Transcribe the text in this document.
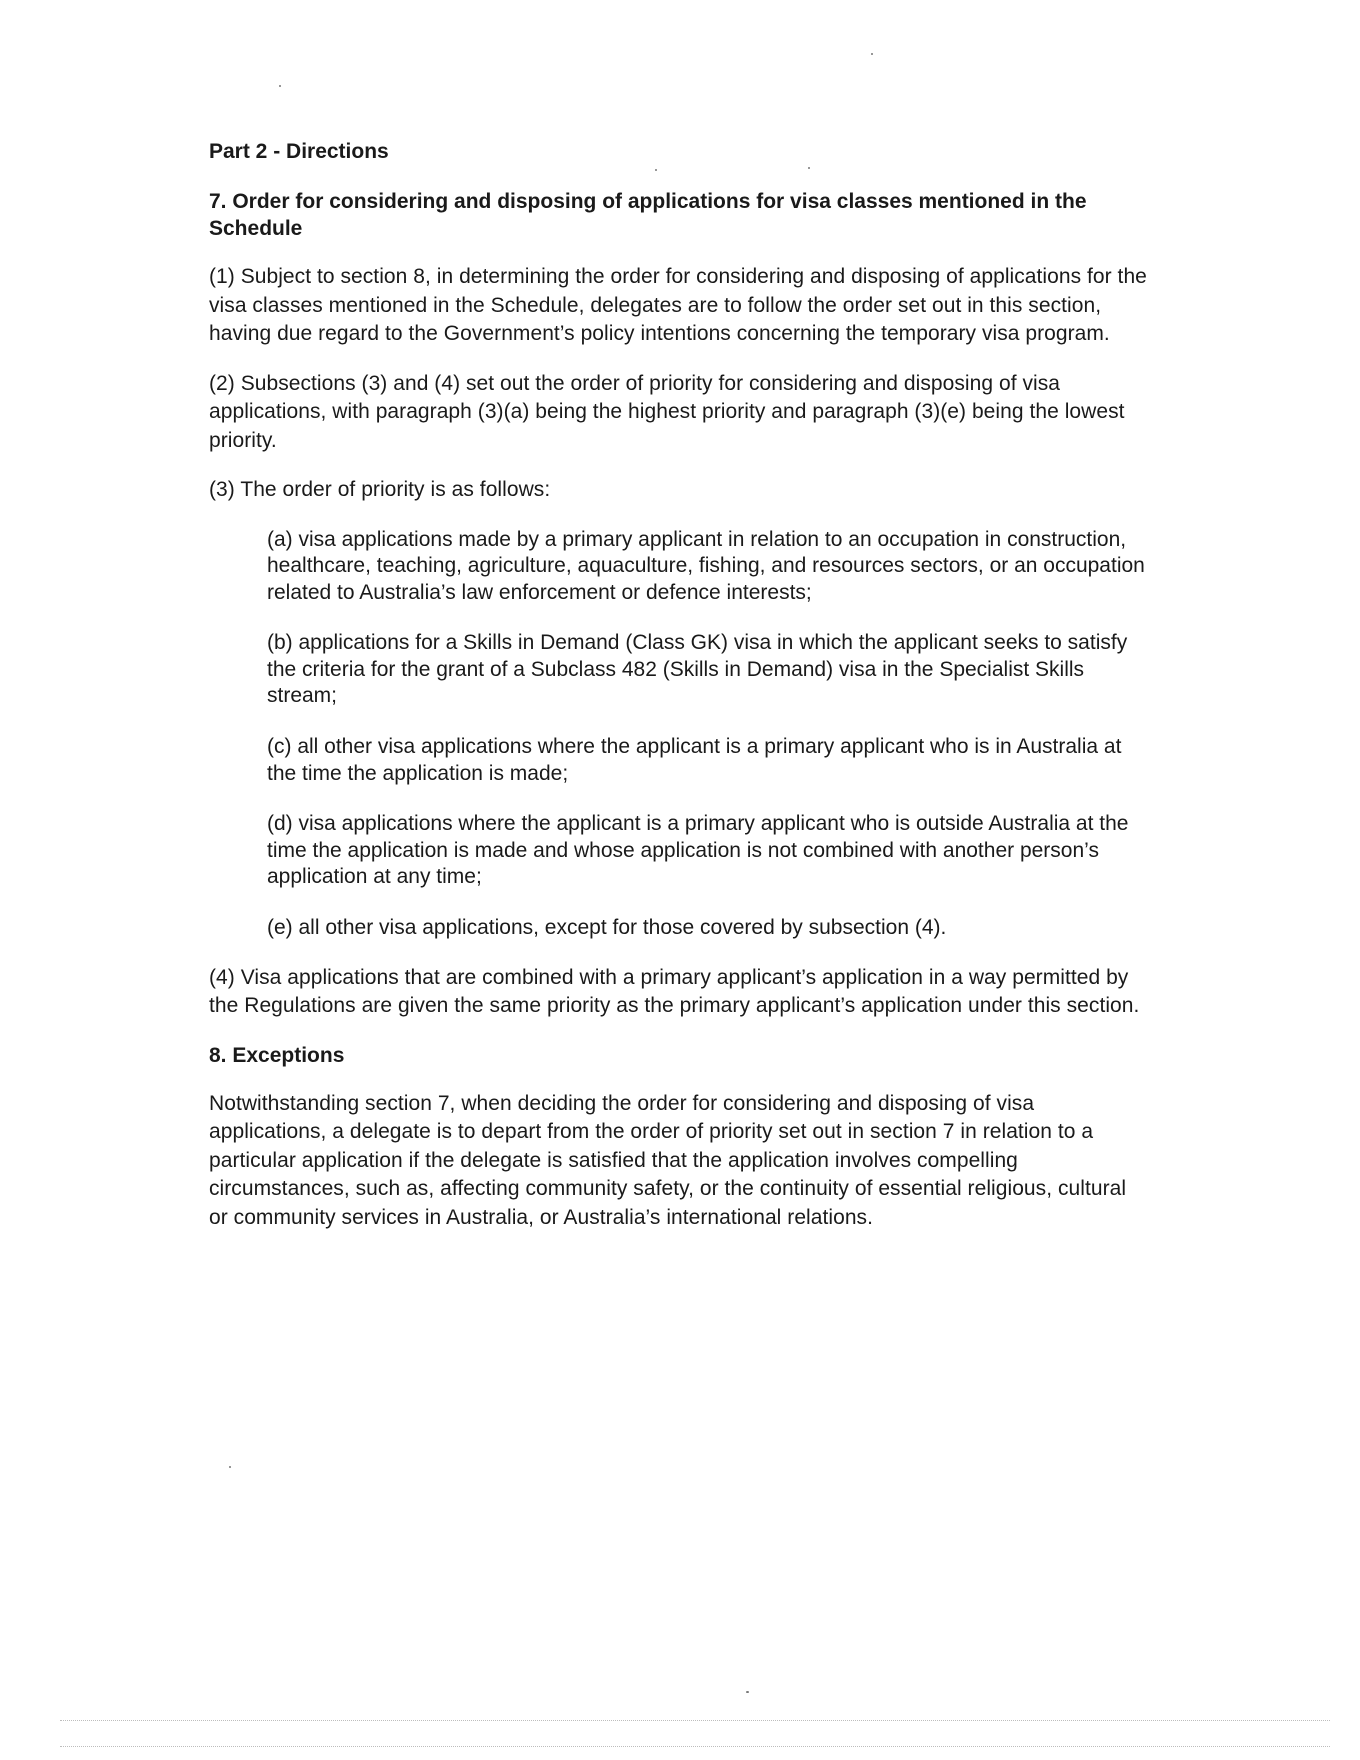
Part 2 - Directions
7. Order for considering and disposing of applications for visa classes mentioned in the Schedule

(1) Subject to section 8, in determining the order for considering and disposing of applications for the visa classes mentioned in the Schedule, delegates are to follow the order set out in this section, having due regard to the Government’s policy intentions concerning the temporary visa program.

(2) Subsections (3) and (4) set out the order of priority for considering and disposing of visa applications, with paragraph (3)(a) being the highest priority and paragraph (3)(e) being the lowest priority.

(3) The order of priority is as follows:

(a) visa applications made by a primary applicant in relation to an occupation in construction, healthcare, teaching, agriculture, aquaculture, fishing, and resources sectors, or an occupation related to Australia’s law enforcement or defence interests;

(b) applications for a Skills in Demand (Class GK) visa in which the applicant seeks to satisfy the criteria for the grant of a Subclass 482 (Skills in Demand) visa in the Specialist Skills stream;

(c) all other visa applications where the applicant is a primary applicant who is in Australia at the time the application is made;

(d) visa applications where the applicant is a primary applicant who is outside Australia at the time the application is made and whose application is not combined with another person’s application at any time;

(e) all other visa applications, except for those covered by subsection (4).

(4) Visa applications that are combined with a primary applicant’s application in a way permitted by the Regulations are given the same priority as the primary applicant’s application under this section.

8. Exceptions

Notwithstanding section 7, when deciding the order for considering and disposing of visa applications, a delegate is to depart from the order of priority set out in section 7 in relation to a particular application if the delegate is satisfied that the application involves compelling circumstances, such as, affecting community safety, or the continuity of essential religious, cultural or community services in Australia, or Australia’s international relations.
